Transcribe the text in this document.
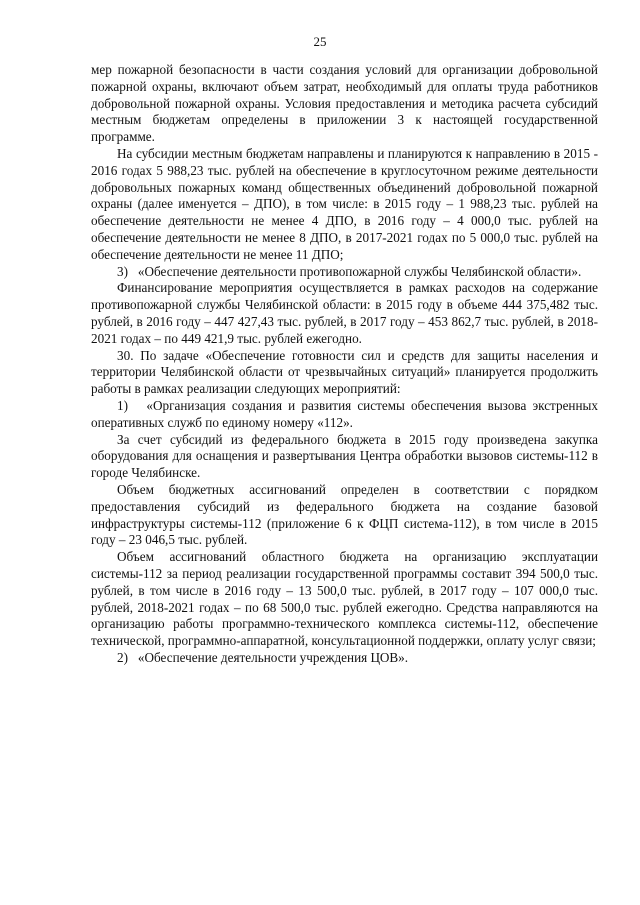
25

мер пожарной безопасности в части создания условий для организации добровольной пожарной охраны, включают объем затрат, необходимый для оплаты труда работников добровольной пожарной охраны. Условия предоставления и методика расчета субсидий местным бюджетам определены в приложении 3 к настоящей государственной программе.

На субсидии местным бюджетам направлены и планируются к направлению в 2015 - 2016 годах 5 988,23 тыс. рублей на обеспечение в круглосуточном режиме деятельности добровольных пожарных команд общественных объединений добровольной пожарной охраны (далее именуется – ДПО), в том числе: в 2015 году – 1 988,23 тыс. рублей на обеспечение деятельности не менее 4 ДПО, в 2016 году – 4 000,0 тыс. рублей на обеспечение деятельности не менее 8 ДПО, в 2017-2021 годах по 5 000,0 тыс. рублей на обеспечение деятельности не менее 11 ДПО;

3)   «Обеспечение деятельности противопожарной службы Челябинской области».

Финансирование мероприятия осуществляется в рамках расходов на содержание противопожарной службы Челябинской области: в 2015 году в объеме 444 375,482 тыс. рублей, в 2016 году – 447 427,43 тыс. рублей, в 2017 году – 453 862,7 тыс. рублей, в 2018-2021 годах – по 449 421,9 тыс. рублей ежегодно.

30. По задаче «Обеспечение готовности сил и средств для защиты населения и территории Челябинской области от чрезвычайных ситуаций» планируется продолжить работы в рамках реализации следующих мероприятий:

1)   «Организация создания и развития системы обеспечения вызова экстренных оперативных служб по единому номеру «112».

За счет субсидий из федерального бюджета в 2015 году произведена закупка оборудования для оснащения и развертывания Центра обработки вызовов системы-112 в городе Челябинске.

Объем бюджетных ассигнований определен в соответствии с порядком предоставления субсидий из федерального бюджета на создание базовой инфраструктуры системы-112 (приложение 6 к ФЦП система-112), в том числе в 2015 году – 23 046,5 тыс. рублей.

Объем ассигнований областного бюджета на организацию эксплуатации системы-112 за период реализации государственной программы составит 394 500,0 тыс. рублей, в том числе в 2016 году – 13 500,0 тыс. рублей, в 2017 году – 107 000,0 тыс. рублей, 2018-2021 годах – по 68 500,0 тыс. рублей ежегодно. Средства направляются на организацию работы программно-технического комплекса системы-112, обеспечение технической, программно-аппаратной, консультационной поддержки, оплату услуг связи;

2)   «Обеспечение деятельности учреждения ЦОВ».
